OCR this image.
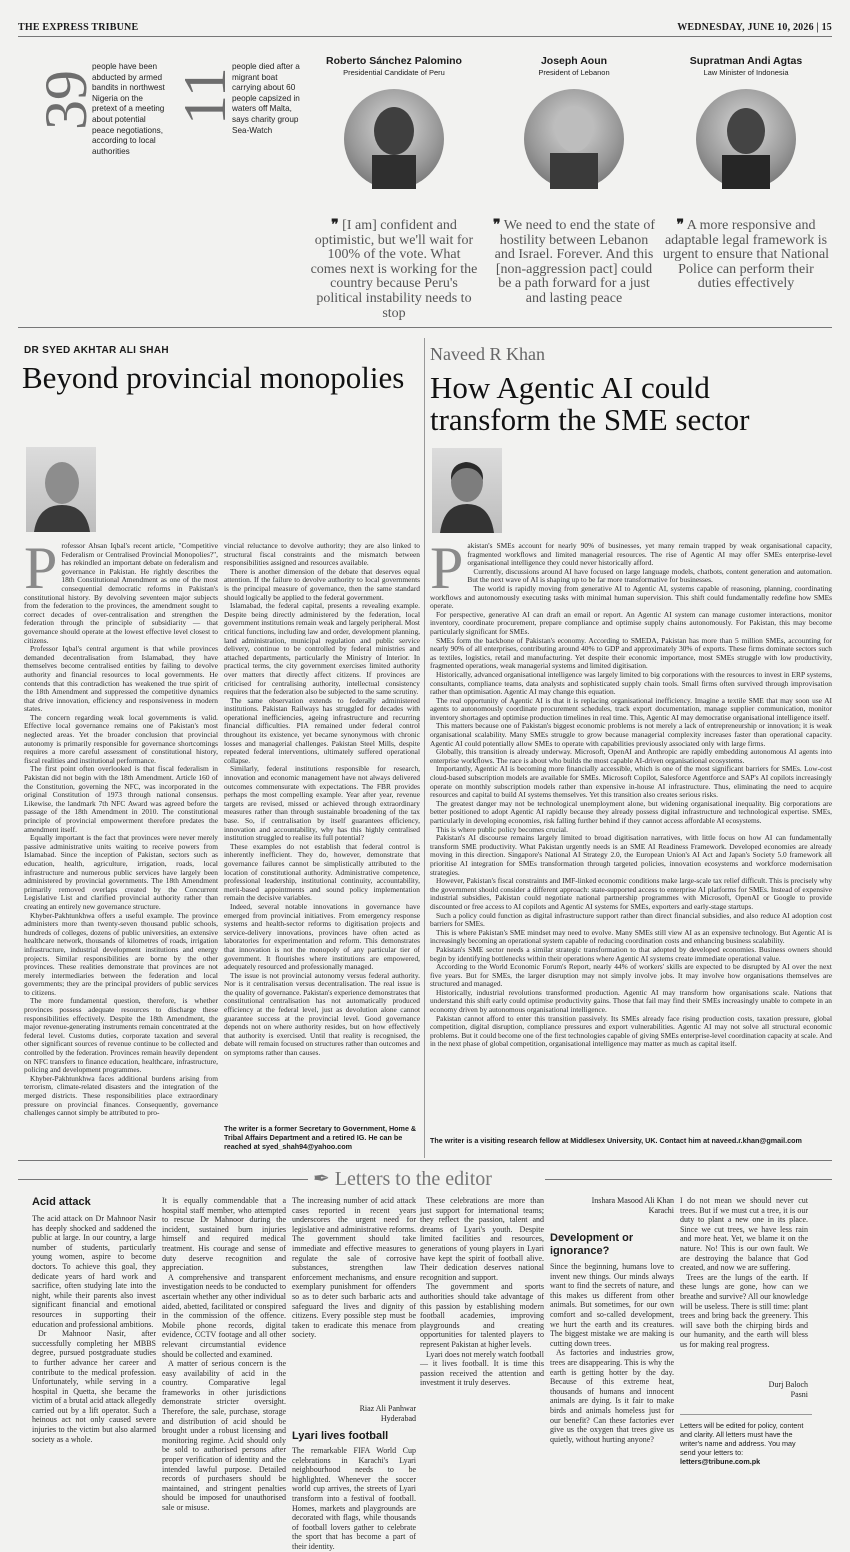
THE EXPRESS TRIBUNE	WEDNESDAY, JUNE 10, 2026 | 15
39
people have been abducted by armed bandits in northwest Nigeria on the pretext of a meeting about potential peace negotiations, according to local authorities
11
people died after a migrant boat carrying about 60 people capsized in waters off Malta, says charity group Sea-Watch
Roberto Sánchez Palomino
Presidential Candidate of Peru
❞ [I am] confident and optimistic, but we'll wait for 100% of the vote. What comes next is working for the country because Peru's political instability needs to stop
Joseph Aoun
President of Lebanon
❞ We need to end the state of hostility between Lebanon and Israel. Forever. And this [non-aggression pact] could be a path forward for a just and lasting peace
Supratman Andi Agtas
Law Minister of Indonesia
❞ A more responsive and adaptable legal framework is urgent to ensure that National Police can perform their duties effectively
DR SYED AKHTAR ALI SHAH
Beyond provincial monopolies
P rofessor Ahsan Iqbal's recent article, "Competitive Federalism or Centralised Provincial Monopolies?", has rekindled an important debate on federalism and governance in Pakistan. He rightly describes the 18th Constitutional Amendment as one of the most consequential democratic reforms in Pakistan's constitutional history. By devolving seventeen major subjects from the federation to the provinces, the amendment sought to correct decades of over-centralisation and strengthen the federation through the principle of subsidiarity — that governance should operate at the lowest effective level closest to citizens.

Professor Iqbal's central argument is that while provinces demanded decentralisation from Islamabad, they have themselves become centralised entities by failing to devolve authority and financial resources to local governments. He contends that this contradiction has weakened the true spirit of the 18th Amendment and suppressed the competitive dynamics that drive innovation, efficiency and responsiveness in modern states.

The concern regarding weak local governments is valid. Effective local governance remains one of Pakistan's most neglected areas. Yet the broader conclusion that provincial autonomy is primarily responsible for governance shortcomings requires a more careful assessment of constitutional history, fiscal realities and institutional performance.

The first point often overlooked is that fiscal federalism in Pakistan did not begin with the 18th Amendment. Article 160 of the Constitution, governing the NFC, was incorporated in the original Constitution of 1973 through national consensus. Likewise, the landmark 7th NFC Award was agreed before the passage of the 18th Amendment in 2010. The constitutional principle of provincial empowerment therefore predates the amendment itself.

Equally important is the fact that provinces were never merely passive administrative units waiting to receive powers from Islamabad. Since the inception of Pakistan, sectors such as education, health, agriculture, irrigation, roads, local infrastructure and numerous public services have largely been administered by provincial governments. The 18th Amendment primarily removed overlaps created by the Concurrent Legislative List and clarified provincial authority rather than creating an entirely new governance structure.

Khyber-Pakhtunkhwa offers a useful example. The province administers more than twenty-seven thousand public schools, hundreds of colleges, dozens of public universities, an extensive healthcare network, thousands of kilometres of roads, irrigation infrastructure, industrial development institutions and energy projects. Similar responsibilities are borne by the other provinces. These realities demonstrate that provinces are not merely intermediaries between the federation and local governments; they are the principal providers of public services to citizens.

The more fundamental question, therefore, is whether provinces possess adequate resources to discharge these responsibilities effectively. Despite the 18th Amendment, the major revenue-generating instruments remain concentrated at the federal level. Customs duties, corporate taxation and several other significant sources of revenue continue to be collected and controlled by the federation. Provinces remain heavily dependent on NFC transfers to finance education, healthcare, infrastructure, policing and development programmes.

Khyber-Pakhtunkhwa faces additional burdens arising from terrorism, climate-related disasters and the integration of the merged districts. These responsibilities place extraordinary pressure on provincial finances. Consequently, governance challenges cannot simply be attributed to pro-

vincial reluctance to devolve authority; they are also linked to structural fiscal constraints and the mismatch between responsibilities assigned and resources available.

There is another dimension of the debate that deserves equal attention. If the failure to devolve authority to local governments is the principal measure of governance, then the same standard should logically be applied to the federal government.

Islamabad, the federal capital, presents a revealing example. Despite being directly administered by the federation, local government institutions remain weak and largely peripheral. Most critical functions, including law and order, development planning, land administration, municipal regulation and public service delivery, continue to be controlled by federal ministries and attached departments, particularly the Ministry of Interior. In practical terms, the city government exercises limited authority over matters that directly affect citizens. If provinces are criticised for centralising authority, intellectual consistency requires that the federation also be subjected to the same scrutiny.

The same observation extends to federally administered institutions. Pakistan Railways has struggled for decades with operational inefficiencies, ageing infrastructure and recurring financial difficulties. PIA remained under federal control throughout its existence, yet became synonymous with chronic losses and managerial challenges. Pakistan Steel Mills, despite repeated federal interventions, ultimately suffered operational collapse.

Similarly, federal institutions responsible for research, innovation and economic management have not always delivered outcomes commensurate with expectations. The FBR provides perhaps the most compelling example. Year after year, revenue targets are revised, missed or achieved through extraordinary measures rather than through sustainable broadening of the tax base. So, if centralisation by itself guarantees efficiency, innovation and accountability, why has this highly centralised institution struggled to realise its full potential?

These examples do not establish that federal control is inherently inefficient. They do, however, demonstrate that governance failures cannot be simplistically attributed to the location of constitutional authority. Administrative competence, professional leadership, institutional continuity, accountability, merit-based appointments and sound policy implementation remain the decisive variables.

Indeed, several notable innovations in governance have emerged from provincial initiatives. From emergency response systems and health-sector reforms to digitisation projects and service-delivery innovations, provinces have often acted as laboratories for experimentation and reform. This demonstrates that innovation is not the monopoly of any particular tier of government. It flourishes where institutions are empowered, adequately resourced and professionally managed.

The issue is not provincial autonomy versus federal authority. Nor is it centralisation versus decentralisation. The real issue is the quality of governance. Pakistan's experience demonstrates that constitutional centralisation has not automatically produced efficiency at the federal level, just as devolution alone cannot guarantee success at the provincial level. Good governance depends not on where authority resides, but on how effectively that authority is exercised. Until that reality is recognised, the debate will remain focused on structures rather than outcomes and on symptoms rather than causes.

The writer is a former Secretary to Government, Home & Tribal Affairs Department and a retired IG. He can be reached at syed_shah94@yahoo.com
Naveed R Khan
How Agentic AI could transform the SME sector
P akistan's SMEs account for nearly 90% of businesses, yet many remain trapped by weak organisational capacity, fragmented workflows and limited managerial resources. The rise of Agentic AI may offer SMEs enterprise-level organisational intelligence they could never historically afford.

Currently, discussions around AI have focused on large language models, chatbots, content generation and automation. But the next wave of AI is shaping up to be far more transformative for businesses.

The world is rapidly moving from generative AI to Agentic AI, systems capable of reasoning, planning, coordinating workflows and autonomously executing tasks with minimal human supervision. This shift could fundamentally redefine how SMEs operate.

For perspective, generative AI can draft an email or report. An Agentic AI system can manage customer interactions, monitor inventory, coordinate procurement, prepare compliance and optimise supply chains autonomously. For Pakistan, this may become particularly significant for SMEs.

SMEs form the backbone of Pakistan's economy. According to SMEDA, Pakistan has more than 5 million SMEs, accounting for nearly 90% of all enterprises, contributing around 40% to GDP and approximately 30% of exports. These firms dominate sectors such as textiles, logistics, retail and manufacturing. Yet despite their economic importance, most SMEs struggle with low productivity, fragmented operations, weak managerial systems and limited digitisation.

Historically, advanced organisational intelligence was largely limited to big corporations with the resources to invest in ERP systems, consultants, compliance teams, data analysts and sophisticated supply chain tools. Small firms often survived through improvisation rather than optimisation. Agentic AI may change this equation.

The real opportunity of Agentic AI is that it is replacing organisational inefficiency. Imagine a textile SME that may soon use AI agents to autonomously coordinate procurement schedules, track export documentation, manage supplier communication, monitor inventory shortages and optimise production timelines in real time. This, Agentic AI may democratise organisational intelligence itself.

This matters because one of Pakistan's biggest economic problems is not merely a lack of entrepreneurship or innovation; it is weak organisational scalability. Many SMEs struggle to grow because managerial complexity increases faster than operational capacity. Agentic AI could potentially allow SMEs to operate with capabilities previously associated only with large firms.

Globally, this transition is already underway. Microsoft, OpenAI and Anthropic are rapidly embedding autonomous AI agents into enterprise workflows. The race is about who builds the most capable AI-driven organisational ecosystems.

Importantly, Agentic AI is becoming more financially accessible, which is one of the most significant barriers for SMEs. Low-cost cloud-based subscription models are available for SMEs. Microsoft Copilot, Salesforce Agentforce and SAP's AI copilots increasingly operate on monthly subscription models rather than expensive in-house AI infrastructure. Thus, eliminating the need to acquire resources and capital to build AI systems themselves. Yet this transition also creates serious risks.

The greatest danger may not be technological unemployment alone, but widening organisational inequality. Big corporations are better positioned to adopt Agentic AI rapidly because they already possess digital infrastructure and technological expertise. SMEs, particularly in developing economies, risk falling further behind if they cannot access affordable AI ecosystems.

This is where public policy becomes crucial.

Pakistan's AI discourse remains largely limited to broad digitisation narratives, with little focus on how AI can fundamentally transform SME productivity. What Pakistan urgently needs is an SME AI Readiness Framework. Developed economies are already moving in this direction. Singapore's National AI Strategy 2.0, the European Union's AI Act and Japan's Society 5.0 framework all prioritise AI integration for SMEs transformation through targeted policies, innovation ecosystems and workforce modernisation strategies.

However, Pakistan's fiscal constraints and IMF-linked economic conditions make large-scale tax relief difficult. This is precisely why the government should consider a different approach: state-supported access to enterprise AI platforms for SMEs. Instead of expensive industrial subsidies, Pakistan could negotiate national partnership programmes with Microsoft, OpenAI or Google to provide discounted or free access to AI copilots and Agentic AI systems for SMEs, exporters and early-stage startups.

Such a policy could function as digital infrastructure support rather than direct financial subsidies, and also reduce AI adoption cost barriers for SMEs.

This is where Pakistan's SME mindset may need to evolve. Many SMEs still view AI as an expensive technology. But Agentic AI is increasingly becoming an operational system capable of reducing coordination costs and enhancing business scalability.

Pakistan's SME sector needs a similar strategic transformation to that adopted by developed economies. Business owners should begin by identifying bottlenecks within their operations where Agentic AI systems create immediate operational value.

According to the World Economic Forum's Report, nearly 44% of workers' skills are expected to be disrupted by AI over the next five years. But for SMEs, the larger disruption may not simply involve jobs. It may involve how organisations themselves are structured and managed.

Historically, industrial revolutions transformed production. Agentic AI may transform how organisations scale. Nations that understand this shift early could optimise productivity gains. Those that fail may find their SMEs increasingly unable to compete in an economy driven by autonomous organisational intelligence.

Pakistan cannot afford to enter this transition passively. Its SMEs already face rising production costs, taxation pressure, global competition, digital disruption, compliance pressures and export vulnerabilities. Agentic AI may not solve all structural economic problems. But it could become one of the first technologies capable of giving SMEs enterprise-level coordination capacity at scale. And in the next phase of global competition, organisational intelligence may matter as much as capital itself.

The writer is a visiting research fellow at Middlesex University, UK. Contact him at naveed.r.khan@gmail.com
✒ Letters to the editor
Acid attack

The acid attack on Dr Mahnoor Nasir has deeply shocked and saddened the public at large. In our country, a large number of students, particularly young women, aspire to become doctors. To achieve this goal, they dedicate years of hard work and sacrifice, often studying late into the night, while their parents also invest significant financial and emotional resources in supporting their education and professional ambitions.

Dr Mahnoor Nasir, after successfully completing her MBBS degree, pursued postgraduate studies to further advance her career and contribute to the medical profession. Unfortunately, while serving in a hospital in Quetta, she became the victim of a brutal acid attack allegedly carried out by a lift operator. Such a heinous act not only caused severe injuries to the victim but also alarmed society as a whole.

It is equally commendable that a hospital staff member, who attempted to rescue Dr Mahnoor during the incident, sustained burn injuries himself and required medical treatment. His courage and sense of duty deserve recognition and appreciation.

A comprehensive and transparent investigation needs to be conducted to ascertain whether any other individual aided, abetted, facilitated or conspired in the commission of the offence. Mobile phone records, digital evidence, CCTV footage and all other relevant circumstantial evidence should be collected and examined.

A matter of serious concern is the easy availability of acid in the country. Comparative legal frameworks in other jurisdictions demonstrate stricter oversight. Therefore, the sale, purchase, storage and distribution of acid should be brought under a robust licensing and monitoring regime. Acid should only be sold to authorised persons after proper verification of identity and the intended lawful purpose. Detailed records of purchasers should be maintained, and stringent penalties should be imposed for unauthorised sale or misuse.

The increasing number of acid attack cases reported in recent years underscores the urgent need for legislative and administrative reforms. The government should take immediate and effective measures to regulate the sale of corrosive substances, strengthen law enforcement mechanisms, and ensure exemplary punishment for offenders so as to deter such barbaric acts and safeguard the lives and dignity of citizens. Every possible step must be taken to eradicate this menace from society.

Riaz Ali Panhwar
Hyderabad
Lyari lives football

The remarkable FIFA World Cup celebrations in Karachi's Lyari neighbourhood needs to be highlighted. Whenever the soccer world cup arrives, the streets of Lyari transform into a festival of football. Homes, markets and playgrounds are decorated with flags, while thousands of football lovers gather to celebrate the sport that has become a part of their identity.

These celebrations are more than just support for international teams; they reflect the passion, talent and dreams of Lyari's youth. Despite limited facilities and resources, generations of young players in Lyari have kept the spirit of football alive. Their dedication deserves national recognition and support.

The government and sports authorities should take advantage of this passion by establishing modern football academies, improving playgrounds and creating opportunities for talented players to represent Pakistan at higher levels.

Lyari does not merely watch football — it lives football. It is time this passion received the attention and investment it truly deserves.

Inshara Masood Ali Khan
Karachi
Development or ignorance?

Since the beginning, humans love to invent new things. Our minds always want to find the secrets of nature, and this makes us different from other animals. But sometimes, for our own comfort and so-called development, we hurt the earth and its creatures. The biggest mistake we are making is cutting down trees.

As factories and industries grow, trees are disappearing. This is why the earth is getting hotter by the day. Because of this extreme heat, thousands of humans and innocent animals are dying. Is it fair to make birds and animals homeless just for our benefit? Can these factories ever give us the oxygen that trees give us quietly, without hurting anyone?

I do not mean we should never cut trees. But if we must cut a tree, it is our duty to plant a new one in its place. Since we cut trees, we have less rain and more heat. Yet, we blame it on the nature. No! This is our own fault. We are destroying the balance that God created, and now we are suffering.

Trees are the lungs of the earth. If these lungs are gone, how can we breathe and survive? All our knowledge will be useless. There is still time: plant trees and bring back the greenery. This will save both the chirping birds and our humanity, and the earth will bless us for making real progress.

Durj Baloch
Pasni
Letters will be edited for policy, content and clarity. All letters must have the writer's name and address. You may send your letters to:
letters@tribune.com.pk
